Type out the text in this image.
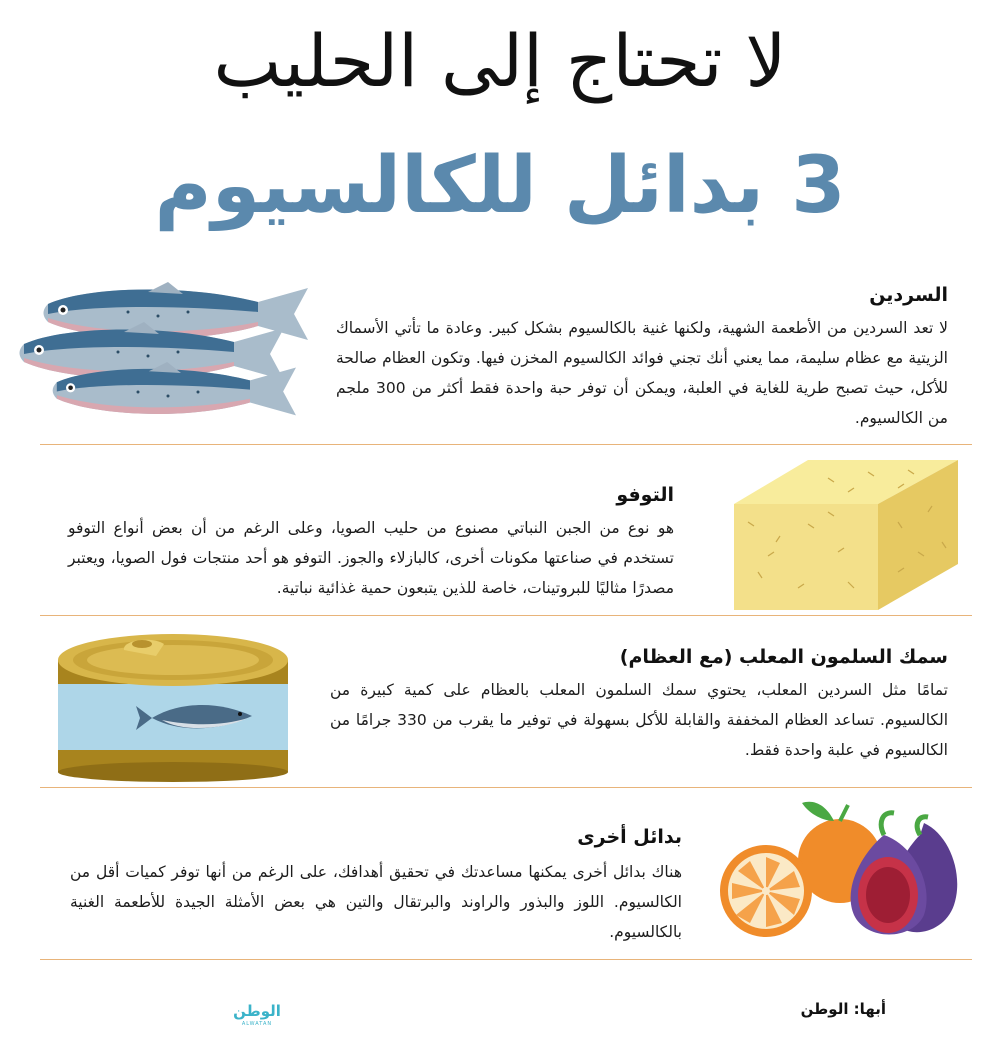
لا تحتاج إلى الحليب
3 بدائل للكالسيوم
السردين
لا تعد السردين من الأطعمة الشهية، ولكنها غنية بالكالسيوم بشكل كبير. وعادة ما تأتي الأسماك الزيتية مع عظام سليمة، مما يعني أنك تجني فوائد الكالسيوم المخزن فيها. وتكون العظام صالحة للأكل، حيث تصبح طرية للغاية في العلبة، ويمكن أن توفر حبة واحدة فقط أكثر من 300 ملجم من الكالسيوم.
التوفو
هو نوع من الجبن النباتي مصنوع من حليب الصويا، وعلى الرغم من أن بعض أنواع التوفو تستخدم في صناعتها مكونات أخرى، كالبازلاء والجوز. التوفو هو أحد منتجات فول الصويا، ويعتبر مصدرًا مثاليًا للبروتينات، خاصة للذين يتبعون حمية غذائية نباتية.
سمك السلمون المعلب (مع العظام)
تمامًا مثل السردين المعلب، يحتوي سمك السلمون المعلب بالعظام على كمية كبيرة من الكالسيوم. تساعد العظام المخففة والقابلة للأكل بسهولة في توفير ما يقرب من 330 جرامًا من الكالسيوم في علبة واحدة فقط.
بدائل أخرى
هناك بدائل أخرى يمكنها مساعدتك في تحقيق أهدافك، على الرغم من أنها توفر كميات أقل من الكالسيوم. اللوز والبذور والراوند والبرتقال والتين هي بعض الأمثلة الجيدة للأطعمة الغنية بالكالسيوم.
أبها: الوطن
الوطن
ALWATAN
